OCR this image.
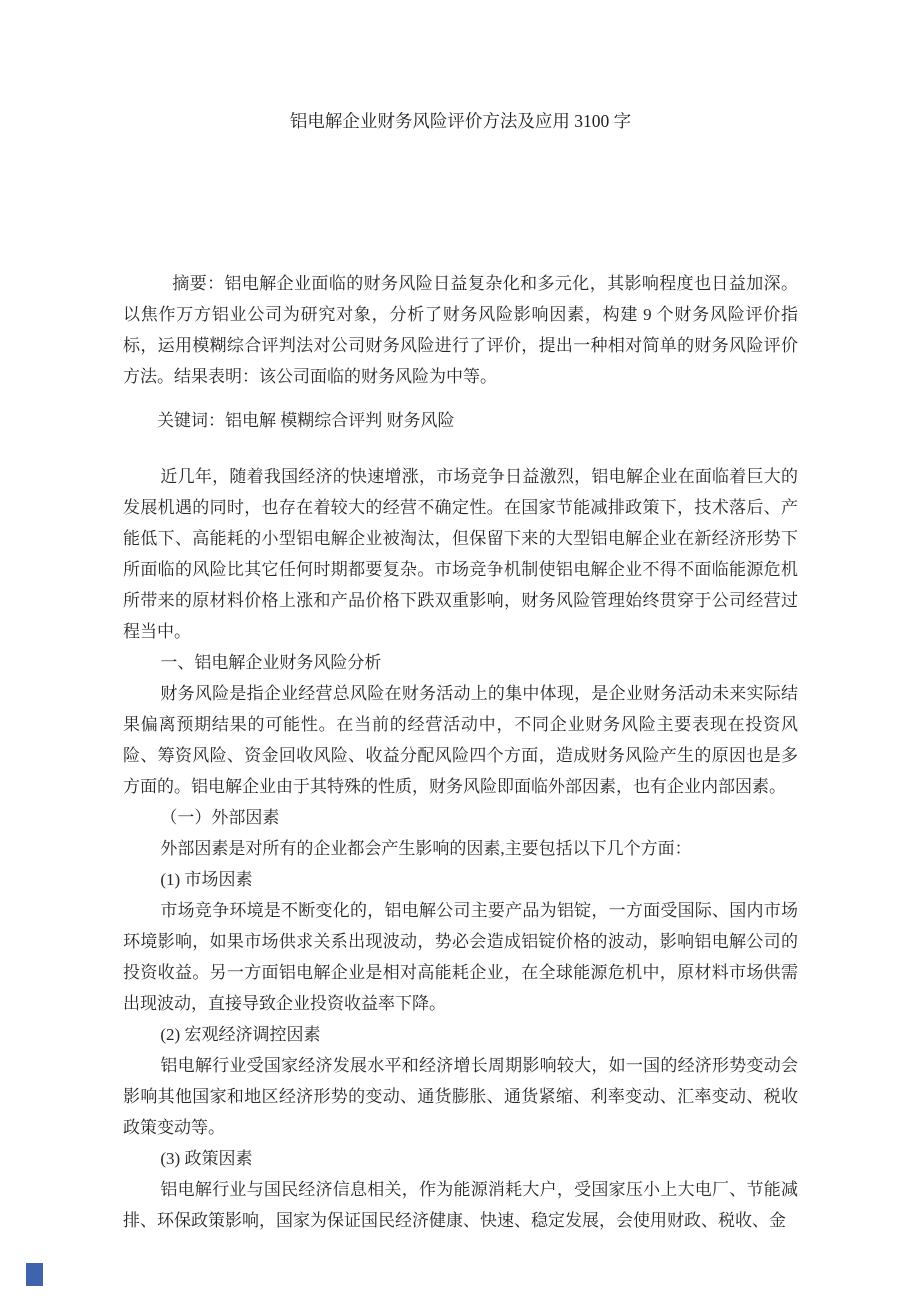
铝电解企业财务风险评价方法及应用 3100 字

摘要：铝电解企业面临的财务风险日益复杂化和多元化，其影响程度也日益加深。以焦作万方铝业公司为研究对象，分析了财务风险影响因素，构建 9 个财务风险评价指标，运用模糊综合评判法对公司财务风险进行了评价，提出一种相对简单的财务风险评价方法。结果表明：该公司面临的财务风险为中等。

关键词：铝电解 模糊综合评判 财务风险

近几年，随着我国经济的快速增涨，市场竞争日益激烈，铝电解企业在面临着巨大的发展机遇的同时，也存在着较大的经营不确定性。在国家节能减排政策下，技术落后、产能低下、高能耗的小型铝电解企业被淘汰，但保留下来的大型铝电解企业在新经济形势下所面临的风险比其它任何时期都要复杂。市场竞争机制使铝电解企业不得不面临能源危机所带来的原材料价格上涨和产品价格下跌双重影响，财务风险管理始终贯穿于公司经营过程当中。

一、铝电解企业财务风险分析

财务风险是指企业经营总风险在财务活动上的集中体现，是企业财务活动未来实际结果偏离预期结果的可能性。在当前的经营活动中，不同企业财务风险主要表现在投资风险、筹资风险、资金回收风险、收益分配风险四个方面，造成财务风险产生的原因也是多方面的。铝电解企业由于其特殊的性质，财务风险即面临外部因素，也有企业内部因素。

（一）外部因素

外部因素是对所有的企业都会产生影响的因素,主要包括以下几个方面：

(1) 市场因素

市场竞争环境是不断变化的，铝电解公司主要产品为铝锭，一方面受国际、国内市场环境影响，如果市场供求关系出现波动，势必会造成铝锭价格的波动，影响铝电解公司的投资收益。另一方面铝电解企业是相对高能耗企业，在全球能源危机中，原材料市场供需出现波动，直接导致企业投资收益率下降。

(2) 宏观经济调控因素

铝电解行业受国家经济发展水平和经济增长周期影响较大，如一国的经济形势变动会影响其他国家和地区经济形势的变动、通货膨胀、通货紧缩、利率变动、汇率变动、税收政策变动等。

(3) 政策因素

铝电解行业与国民经济信息相关，作为能源消耗大户，受国家压小上大电厂、节能减排、环保政策影响，国家为保证国民经济健康、快速、稳定发展，会使用财政、税收、金
